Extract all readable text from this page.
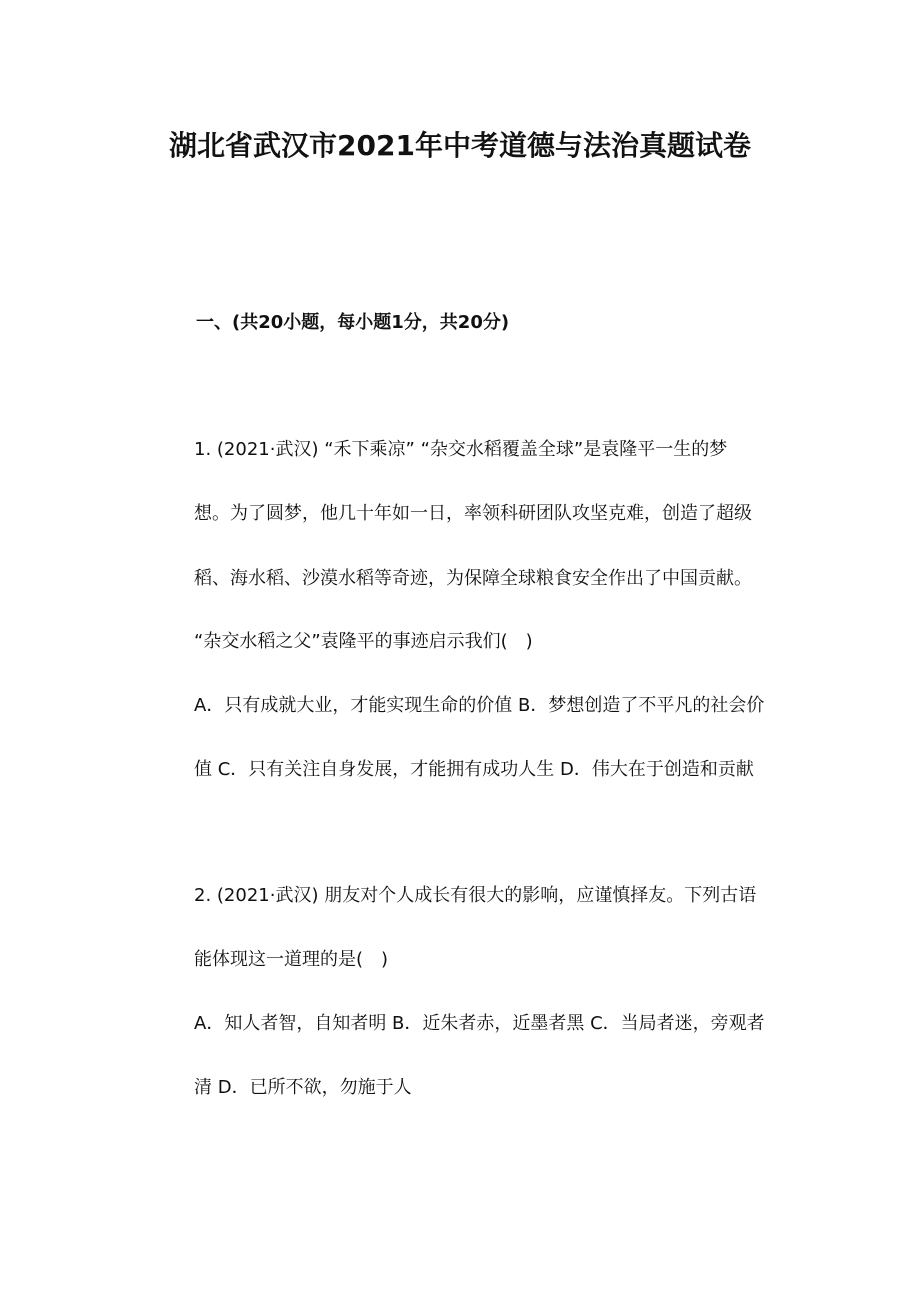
湖北省武汉市2021年中考道德与法治真题试卷
一、(共20小题，每小题1分，共20分)
1. (2021·武汉) “禾下乘凉” “杂交水稻覆盖全球”是袁隆平一生的梦
想。为了圆梦，他几十年如一日，率领科研团队攻坚克难，创造了超级
稻、海水稻、沙漠水稻等奇迹，为保障全球粮食安全作出了中国贡献。
“杂交水稻之父”袁隆平的事迹启示我们(　)
A．只有成就大业，才能实现生命的价值 B．梦想创造了不平凡的社会价
值 C．只有关注自身发展，才能拥有成功人生 D．伟大在于创造和贡献
2. (2021·武汉) 朋友对个人成长有很大的影响，应谨慎择友。下列古语
能体现这一道理的是(　)
A．知人者智，自知者明 B．近朱者赤，近墨者黑 C．当局者迷，旁观者
清 D．已所不欲，勿施于人
